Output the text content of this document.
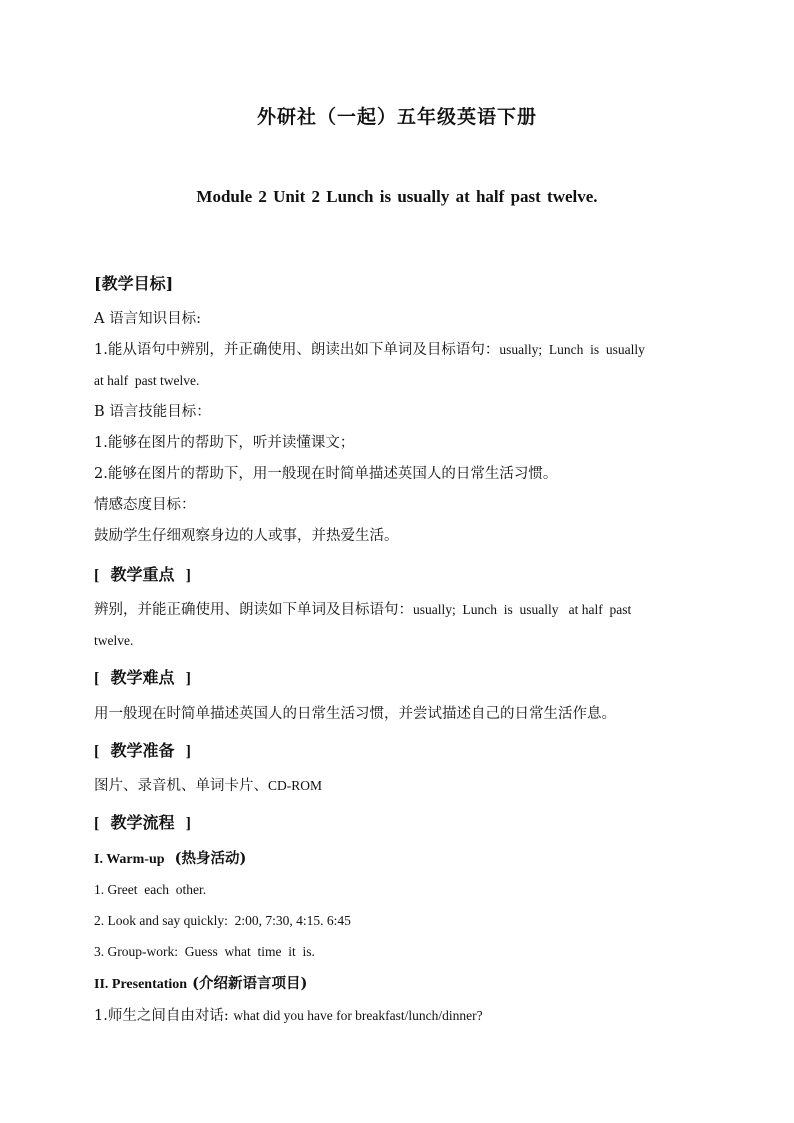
外研社（一起）五年级英语下册
Module 2 Unit 2 Lunch is usually at half past twelve.
[教学目标]
A 语言知识目标:
1.能从语句中辨别，并正确使用、朗读出如下单词及目标语句：usually;  Lunch  is  usually
at half  past twelve.
B 语言技能目标：
1.能够在图片的帮助下，听并读懂课文；
2.能够在图片的帮助下，用一般现在时简单描述英国人的日常生活习惯。
情感态度目标：
鼓励学生仔细观察身边的人或事，并热爱生活。
[ 教学重点 ]
辨别，并能正确使用、朗读如下单词及目标语句：usually;  Lunch  is  usually   at half  past
twelve.
[ 教学难点 ]
用一般现在时简单描述英国人的日常生活习惯，并尝试描述自己的日常生活作息。
[ 教学准备 ]
图片、录音机、单词卡片、CD-ROM
[ 教学流程 ]
I. Warm-up (热身活动)
1. Greet  each  other.
2. Look and say quickly:  2:00, 7:30, 4:15. 6:45
3. Group-work:  Guess  what  time  it  is.
II. Presentation (介绍新语言项目)
1.师生之间自由对话: what did you have for breakfast/lunch/dinner?
